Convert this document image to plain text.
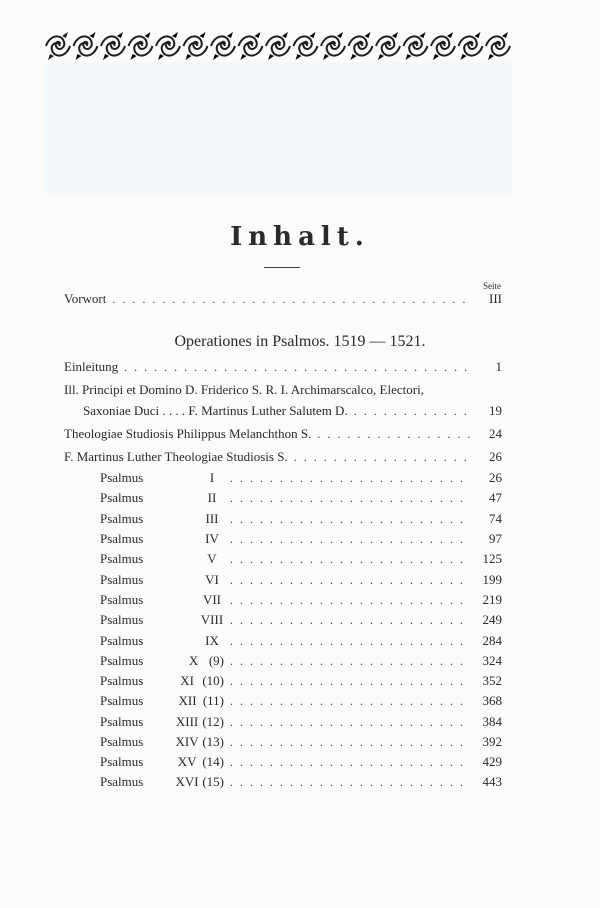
Inhalt.
Seite
Vorwort . . .	III
Operationes in Psalmos. 1519 — 1521.
Einleitung . . .	1
Ill. Principi et Domino D. Friderico S. R. I. Archimarscalco, Electori,
Saxoniae Duci . . . . F. Martinus Luther Salutem D. . . .	19
Theologiae Studiosis Philippus Melanchthon S. . . .	24
F. Martinus Luther Theologiae Studiosis S. . . .	26
Psalmus	I . . .	26
Psalmus	II . . .	47
Psalmus	III . . .	74
Psalmus	IV . . .	97
Psalmus	V . . .	125
Psalmus	VI . . .	199
Psalmus	VII . . .	219
Psalmus	VIII . . .	249
Psalmus	IX . . .	284
Psalmus	X (9) . . .	324
Psalmus	XI (10) . . .	352
Psalmus	XII (11) . . .	368
Psalmus	XIII (12) . . .	384
Psalmus XIV (13) . . .	392
Psalmus	XV (14) . . .	429
Psalmus XVI (15) . . .	443
